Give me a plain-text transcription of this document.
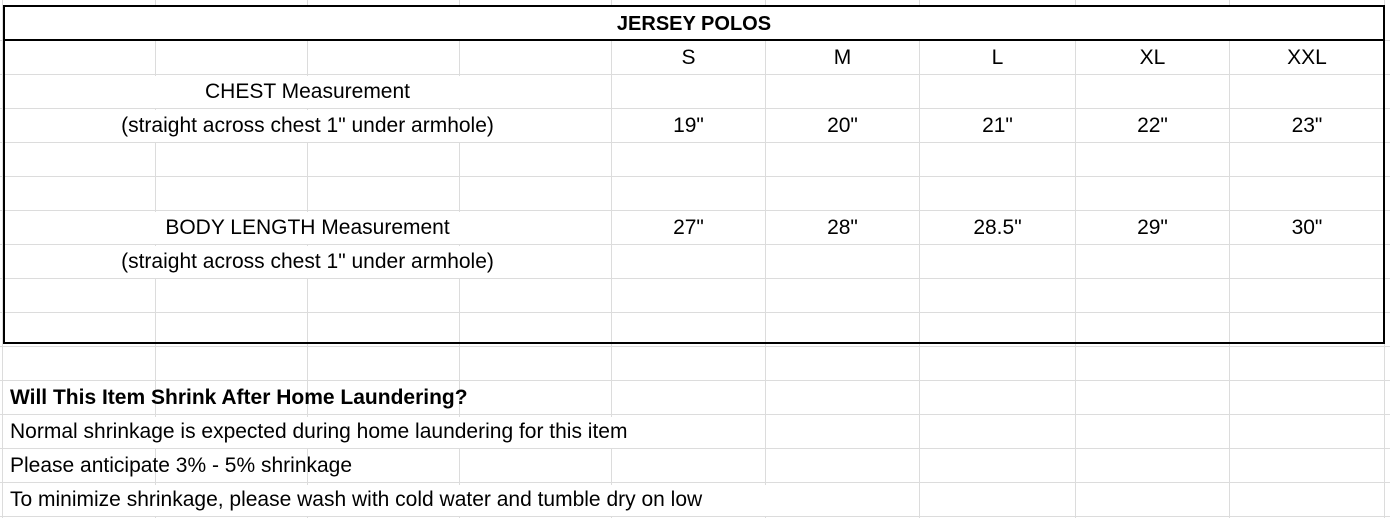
JERSEY POLOS
S	M	L	XL	XXL
CHEST Measurement
(straight across chest 1" under armhole)	19"	20"	21"	22"	23"
BODY LENGTH Measurement	27"	28"	28.5"	29"	30"
(straight across chest 1" under armhole)
Will This Item Shrink After Home Laundering?
Normal shrinkage is expected during home laundering for this item
Please anticipate 3% - 5% shrinkage
To minimize shrinkage, please wash with cold water and tumble dry on low
